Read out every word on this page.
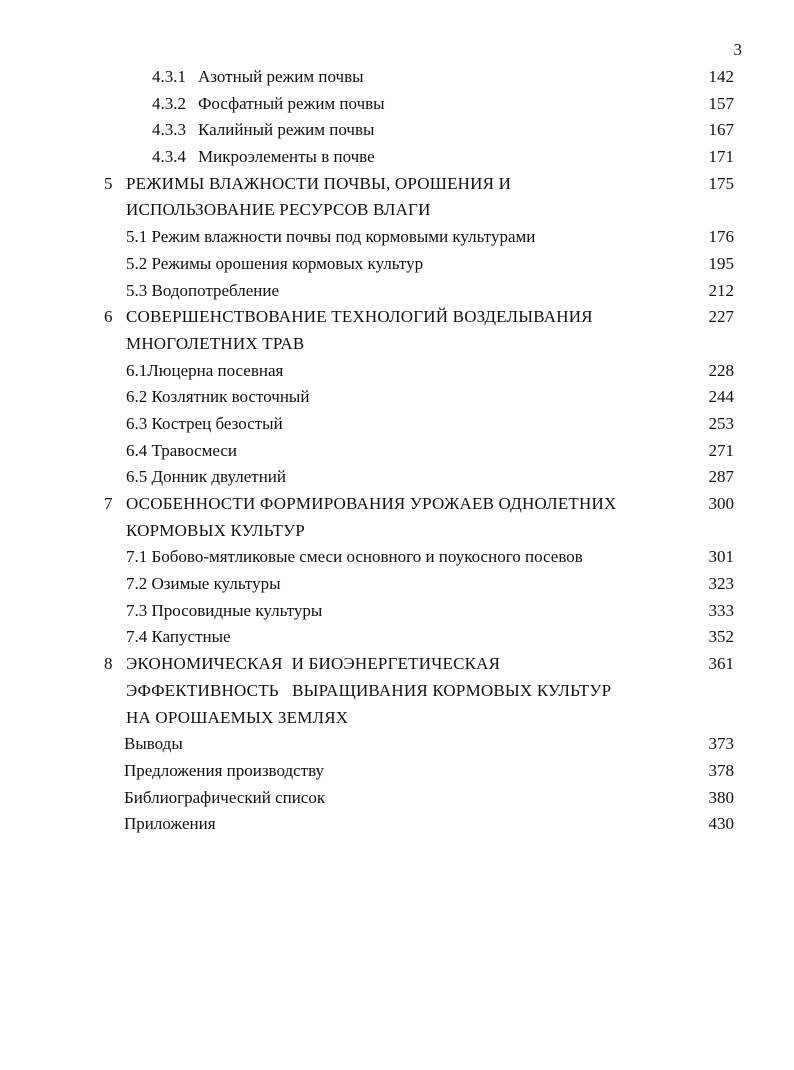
3
4.3.1 Азотный режим почвы	142
4.3.2 Фосфатный режим почвы	157
4.3.3 Калийный режим почвы	167
4.3.4 Микроэлементы в почве	171
5 РЕЖИМЫ ВЛАЖНОСТИ ПОЧВЫ, ОРОШЕНИЯ И	175
ИСПОЛЬЗОВАНИЕ РЕСУРСОВ ВЛАГИ
5.1 Режим влажности почвы под кормовыми культурами	176
5.2 Режимы орошения кормовых культур	195
5.3 Водопотребление	212
6 СОВЕРШЕНСТВОВАНИЕ ТЕХНОЛОГИЙ ВОЗДЕЛЫВАНИЯ	227
МНОГОЛЕТНИХ ТРАВ
6.1Люцерна посевная	228
6.2 Козлятник восточный	244
6.3 Кострец безостый	253
6.4 Травосмеси	271
6.5 Донник двулетний	287
7 ОСОБЕННОСТИ ФОРМИРОВАНИЯ УРОЖАЕВ ОДНОЛЕТНИХ	300
КОРМОВЫХ КУЛЬТУР
7.1 Бобово-мятликовые смеси основного и поукосного посевов	301
7.2 Озимые культуры	323
7.3 Просовидные культуры	333
7.4 Капустные	352
8 ЭКОНОМИЧЕСКАЯ  И БИОЭНЕРГЕТИЧЕСКАЯ	361
ЭФФЕКТИВНОСТЬ   ВЫРАЩИВАНИЯ КОРМОВЫХ КУЛЬТУР
НА ОРОШАЕМЫХ ЗЕМЛЯХ
Выводы	373
Предложения производству	378
Библиографический список	380
Приложения	430
